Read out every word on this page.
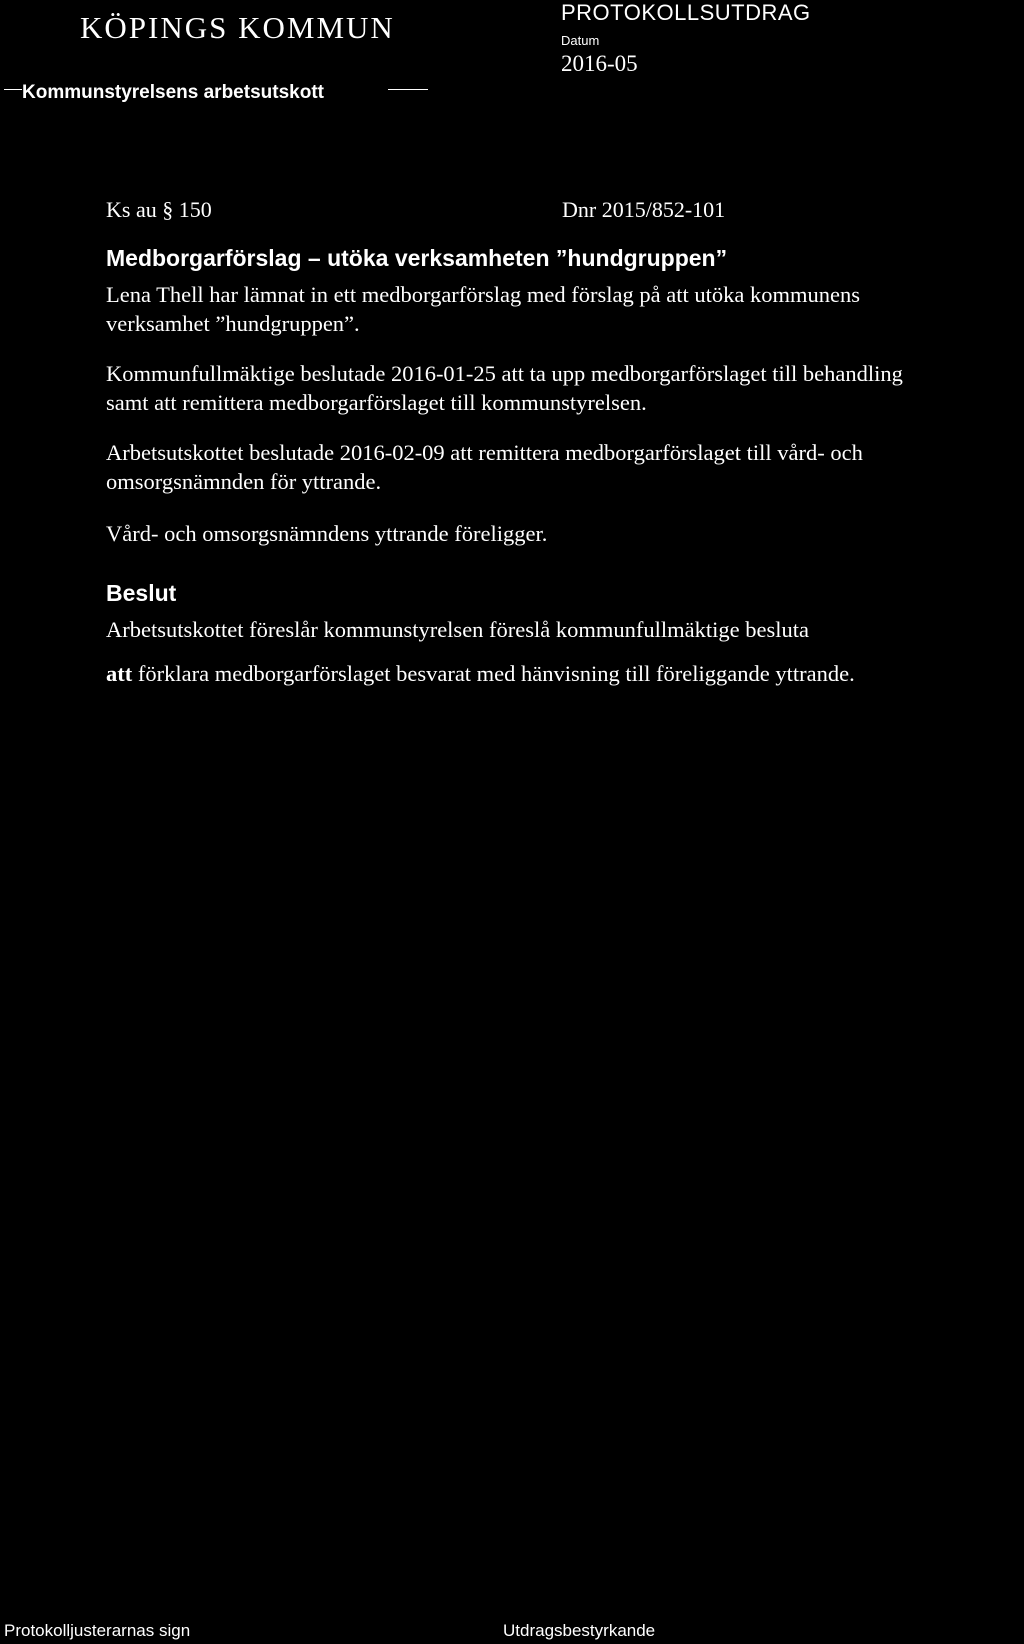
KÖPINGS KOMMUN
Kommunstyrelsens arbetsutskott
PROTOKOLLSUTDRAG
Datum
2016-05
Ks au § 150	Dnr 2015/852-101
Medborgarförslag – utöka verksamheten ”hundgruppen”
Lena Thell har lämnat in ett medborgarförslag med förslag på att utöka kommunens
verksamhet ”hundgruppen”.
Kommunfullmäktige beslutade 2016-01-25 att ta upp medborgarförslaget till behandling
samt att remittera medborgarförslaget till kommunstyrelsen.
Arbetsutskottet beslutade 2016-02-09 att remittera medborgarförslaget till vård- och
omsorgsnämnden för yttrande.
Vård- och omsorgsnämndens yttrande föreligger.
Beslut
Arbetsutskottet föreslår kommunstyrelsen föreslå kommunfullmäktige besluta
att förklara medborgarförslaget besvarat med hänvisning till föreliggande yttrande.
Protokolljusterarnas sign	Utdragsbestyrkande
